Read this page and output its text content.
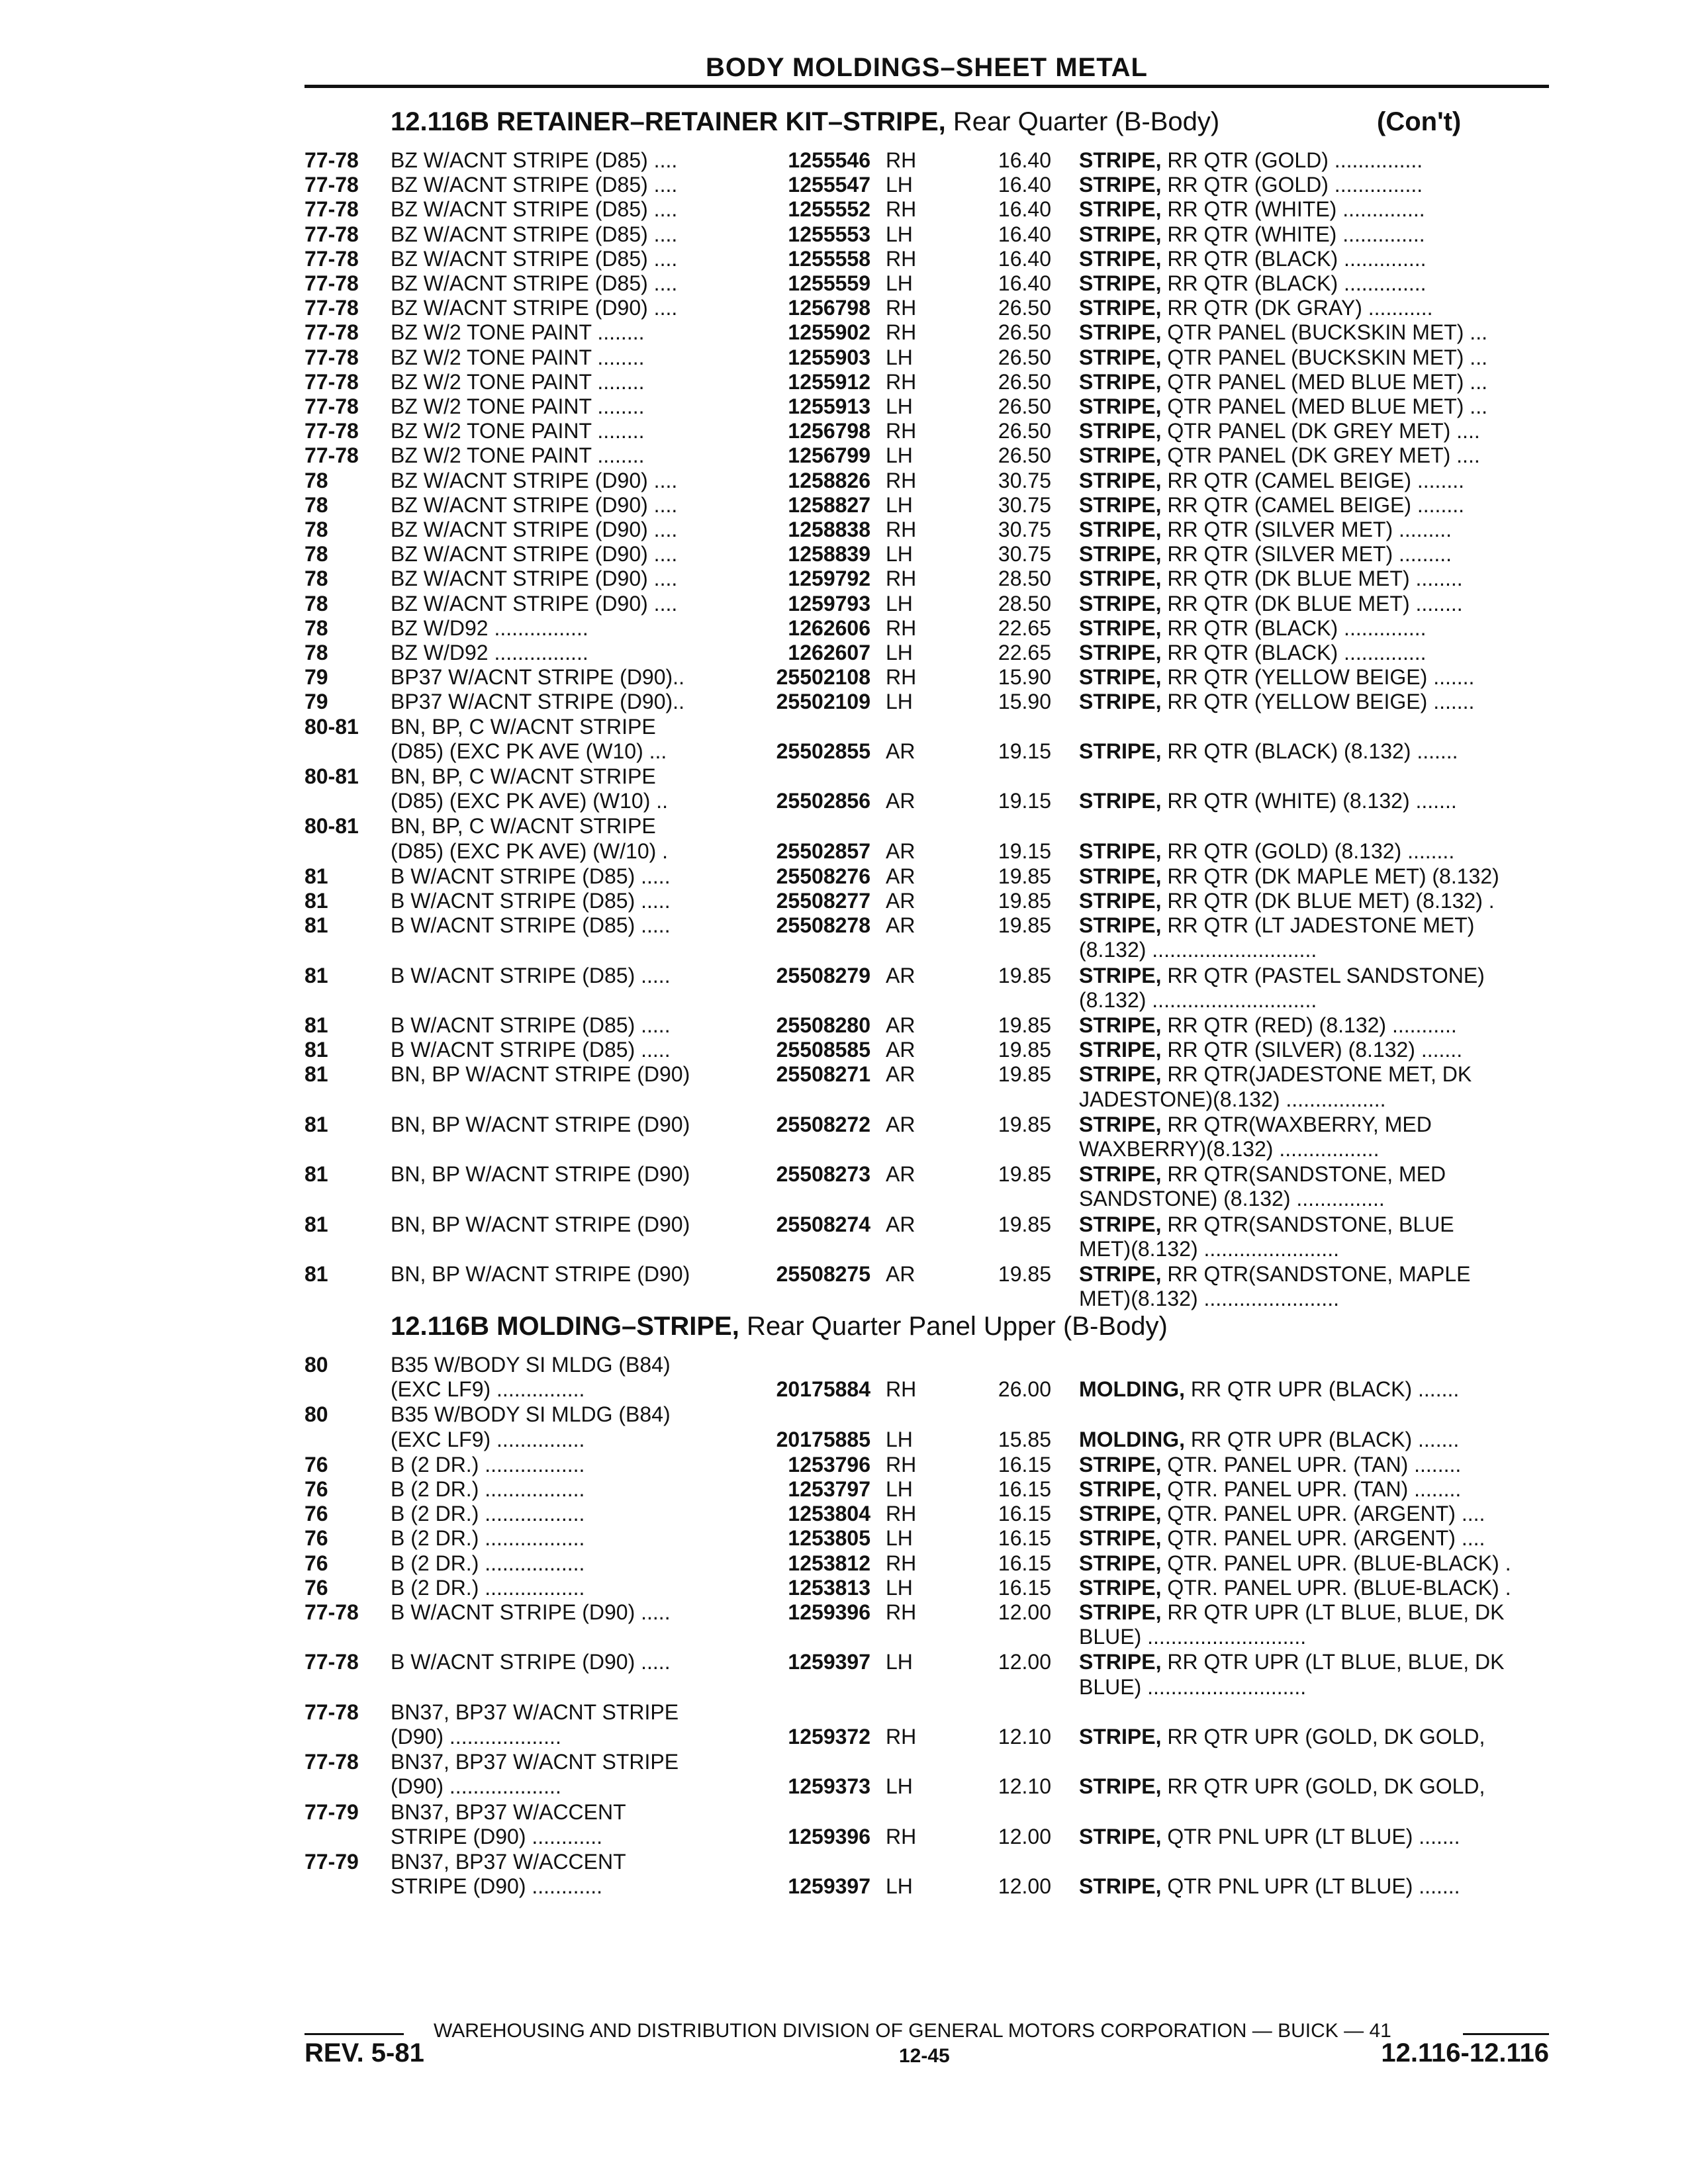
BODY MOLDINGS–SHEET METAL
WAREHOUSING AND DISTRIBUTION DIVISION OF GENERAL MOTORS CORPORATION — BUICK — 41
REV. 5-81	12-45	12.116-12.116
12.116B RETAINER–RETAINER KIT–STRIPE, Rear Quarter (B-Body)	(Con't)
77-78 BZ W/ACNT STRIPE (D85) ....	1255546 RH	16.40 STRIPE, RR QTR (GOLD) ...............
77-78 BZ W/ACNT STRIPE (D85) ....	1255547 LH	16.40 STRIPE, RR QTR (GOLD) ...............
77-78 BZ W/ACNT STRIPE (D85) ....	1255552 RH	16.40 STRIPE, RR QTR (WHITE) ..............
77-78 BZ W/ACNT STRIPE (D85) ....	1255553 LH	16.40 STRIPE, RR QTR (WHITE) ..............
77-78 BZ W/ACNT STRIPE (D85) ....	1255558 RH	16.40 STRIPE, RR QTR (BLACK) ..............
77-78 BZ W/ACNT STRIPE (D85) ....	1255559 LH	16.40 STRIPE, RR QTR (BLACK) ..............
77-78 BZ W/ACNT STRIPE (D90) ....	1256798 RH	26.50 STRIPE, RR QTR (DK GRAY) ...........
77-78 BZ W/2 TONE PAINT ........	1255902 RH	26.50 STRIPE, QTR PANEL (BUCKSKIN MET) ...
77-78 BZ W/2 TONE PAINT ........	1255903 LH	26.50 STRIPE, QTR PANEL (BUCKSKIN MET) ...
77-78 BZ W/2 TONE PAINT ........	1255912 RH	26.50 STRIPE, QTR PANEL (MED BLUE MET) ...
77-78 BZ W/2 TONE PAINT ........	1255913 LH	26.50 STRIPE, QTR PANEL (MED BLUE MET) ...
77-78 BZ W/2 TONE PAINT ........	1256798 RH	26.50 STRIPE, QTR PANEL (DK GREY MET) ....
77-78 BZ W/2 TONE PAINT ........	1256799 LH	26.50 STRIPE, QTR PANEL (DK GREY MET) ....
78	BZ W/ACNT STRIPE (D90) ....	1258826 RH	30.75 STRIPE, RR QTR (CAMEL BEIGE) ........
78	BZ W/ACNT STRIPE (D90) ....	1258827 LH	30.75 STRIPE, RR QTR (CAMEL BEIGE) ........
78	BZ W/ACNT STRIPE (D90) ....	1258838 RH	30.75 STRIPE, RR QTR (SILVER MET) .........
78	BZ W/ACNT STRIPE (D90) ....	1258839 LH	30.75 STRIPE, RR QTR (SILVER MET) .........
78	BZ W/ACNT STRIPE (D90) ....	1259792 RH	28.50 STRIPE, RR QTR (DK BLUE MET) ........
78	BZ W/ACNT STRIPE (D90) ....	1259793 LH	28.50 STRIPE, RR QTR (DK BLUE MET) ........
78	BZ W/D92 ................	1262606 RH	22.65 STRIPE, RR QTR (BLACK) ..............
78	BZ W/D92 ................	1262607 LH	22.65 STRIPE, RR QTR (BLACK) ..............
79	BP37 W/ACNT STRIPE (D90)..	25502108 RH	15.90 STRIPE, RR QTR (YELLOW BEIGE) .......
79	BP37 W/ACNT STRIPE (D90)..	25502109 LH	15.90 STRIPE, RR QTR (YELLOW BEIGE) .......
80-81 BN, BP, C W/ACNT STRIPE
(D85) (EXC PK AVE (W10) ...	25502855 AR	19.15 STRIPE, RR QTR (BLACK) (8.132) .......
80-81 BN, BP, C W/ACNT STRIPE
(D85) (EXC PK AVE) (W10) ..	25502856 AR	19.15 STRIPE, RR QTR (WHITE) (8.132) .......
80-81 BN, BP, C W/ACNT STRIPE
(D85) (EXC PK AVE) (W/10) .	25502857 AR	19.15 STRIPE, RR QTR (GOLD) (8.132) ........
81	B W/ACNT STRIPE (D85) .....	25508276 AR	19.85 STRIPE, RR QTR (DK MAPLE MET) (8.132)
81	B W/ACNT STRIPE (D85) .....	25508277 AR	19.85 STRIPE, RR QTR (DK BLUE MET) (8.132) .
81	B W/ACNT STRIPE (D85) .....	25508278 AR	19.85 STRIPE, RR QTR (LT JADESTONE MET)
(8.132) ............................
81	B W/ACNT STRIPE (D85) .....	25508279 AR	19.85 STRIPE, RR QTR (PASTEL SANDSTONE)
(8.132) ............................
81	B W/ACNT STRIPE (D85) .....	25508280 AR	19.85 STRIPE, RR QTR (RED) (8.132) ...........
81	B W/ACNT STRIPE (D85) .....	25508585 AR	19.85 STRIPE, RR QTR (SILVER) (8.132) .......
81	BN, BP W/ACNT STRIPE (D90)	25508271 AR	19.85 STRIPE, RR QTR(JADESTONE MET, DK
JADESTONE)(8.132) .................
81	BN, BP W/ACNT STRIPE (D90)	25508272 AR	19.85 STRIPE, RR QTR(WAXBERRY, MED
WAXBERRY)(8.132) .................
81	BN, BP W/ACNT STRIPE (D90)	25508273 AR	19.85 STRIPE, RR QTR(SANDSTONE, MED
SANDSTONE) (8.132) ...............
81	BN, BP W/ACNT STRIPE (D90)	25508274 AR	19.85 STRIPE, RR QTR(SANDSTONE, BLUE
MET)(8.132) .......................
81	BN, BP W/ACNT STRIPE (D90)	25508275 AR	19.85 STRIPE, RR QTR(SANDSTONE, MAPLE
MET)(8.132) .......................
12.116B MOLDING–STRIPE, Rear Quarter Panel Upper (B-Body)
80	B35 W/BODY SI MLDG (B84)
(EXC LF9) ...............	20175884 RH	26.00 MOLDING, RR QTR UPR (BLACK) .......
80	B35 W/BODY SI MLDG (B84)
(EXC LF9) ...............	20175885 LH	15.85 MOLDING, RR QTR UPR (BLACK) .......
76	B (2 DR.) .................	1253796 RH	16.15 STRIPE, QTR. PANEL UPR. (TAN) ........
76	B (2 DR.) .................	1253797 LH	16.15 STRIPE, QTR. PANEL UPR. (TAN) ........
76	B (2 DR.) .................	1253804 RH	16.15 STRIPE, QTR. PANEL UPR. (ARGENT) ....
76	B (2 DR.) .................	1253805 LH	16.15 STRIPE, QTR. PANEL UPR. (ARGENT) ....
76	B (2 DR.) .................	1253812 RH	16.15 STRIPE, QTR. PANEL UPR. (BLUE-BLACK) .
76	B (2 DR.) .................	1253813 LH	16.15 STRIPE, QTR. PANEL UPR. (BLUE-BLACK) .
77-78 B W/ACNT STRIPE (D90) .....	1259396 RH	12.00 STRIPE, RR QTR UPR (LT BLUE, BLUE, DK
BLUE) ...........................
77-78 B W/ACNT STRIPE (D90) .....	1259397 LH	12.00 STRIPE, RR QTR UPR (LT BLUE, BLUE, DK
BLUE) ...........................
77-78 BN37, BP37 W/ACNT STRIPE
(D90) ...................	1259372 RH	12.10 STRIPE, RR QTR UPR (GOLD, DK GOLD,
77-78 BN37, BP37 W/ACNT STRIPE
(D90) ...................	1259373 LH	12.10 STRIPE, RR QTR UPR (GOLD, DK GOLD,
77-79 BN37, BP37 W/ACCENT
STRIPE (D90) ............	1259396 RH	12.00 STRIPE, QTR PNL UPR (LT BLUE) .......
77-79 BN37, BP37 W/ACCENT
STRIPE (D90) ............	1259397 LH	12.00 STRIPE, QTR PNL UPR (LT BLUE) .......
